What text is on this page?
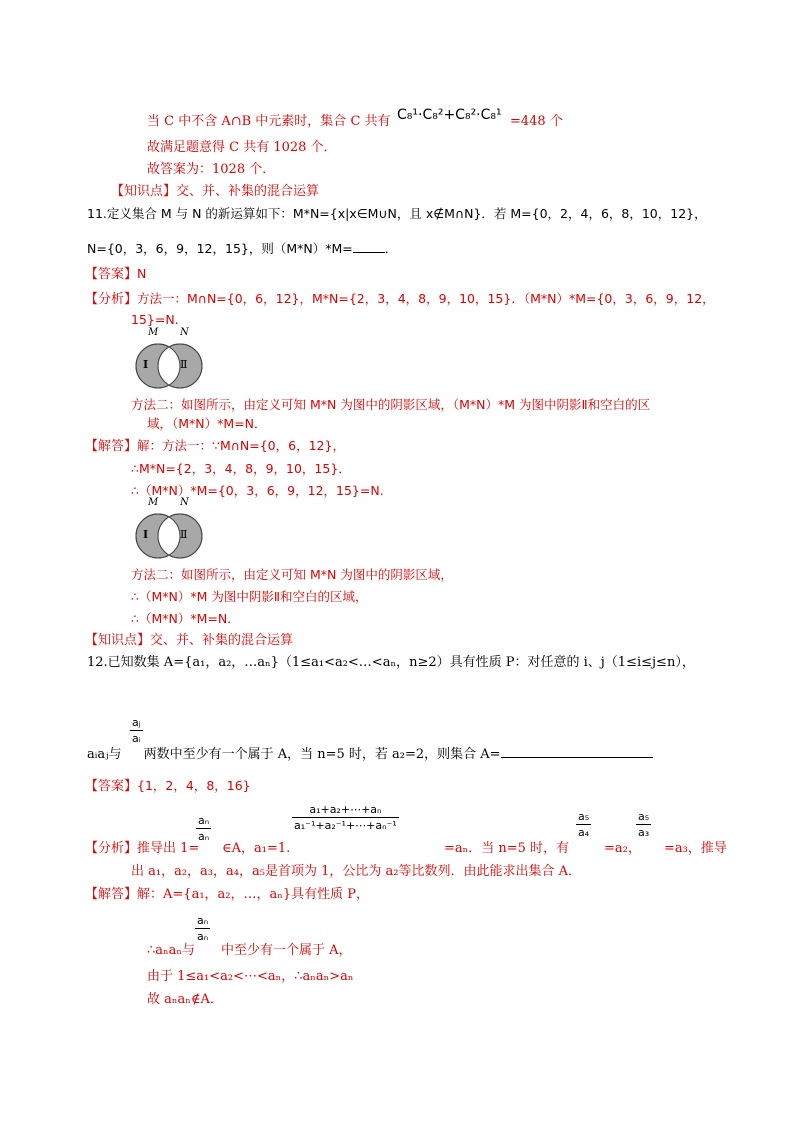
当 C 中不含 A∩B 中元素时，集合 C 共有 C₈¹·C₈²+C₈²·C₈¹ =448 个
故满足题意得 C 共有 1028 个．
故答案为：1028 个．
【知识点】交、并、补集的混合运算
11.定义集合 M 与 N 的新运算如下：M*N={x|x∈M∪N，且 x∉M∩N}．若 M={0，2，4，6，8，10，12}，
N={0，3，6，9，12，15}，则（M*N）*M=	．
【答案】N
【分析】方法一：M∩N={0，6，12}，M*N={2，3，4，8，9，10，15}．（M*N）*M={0，3，6，9，12，
15}=N.
M N
Ⅰ	Ⅱ
方法二：如图所示，由定义可知 M*N 为图中的阴影区域，（M*N）*M 为图中阴影Ⅱ和空白的区
域，（M*N）*M=N．
【解答】解：方法一：∵M∩N={0，6，12}，
∴M*N={2，3，4，8，9，10，15}．
∴（M*N）*M={0，3，6，9，12，15}=N.
M N
Ⅰ	Ⅱ
方法二：如图所示，由定义可知 M*N 为图中的阴影区域，
∴（M*N）*M 为图中阴影Ⅱ和空白的区域，
∴（M*N）*M=N．
【知识点】交、并、补集的混合运算
12.已知数集 A={a₁，a₂，…aₙ}（1≤a₁<a₂<…<aₙ，n≥2）具有性质 P：对任意的 i、j（1≤i≤j≤n），
aⱼ
aᵢ
aᵢaⱼ与 两数中至少有一个属于 A，当 n=5 时，若 a₂=2，则集合 A=
【答案】{1，2，4，8，16}
aₙ
aₙ
a₁+a₂+⋯+aₙ
a₁⁻¹+a₂⁻¹+⋯+aₙ⁻¹
a₅
a₄
a₅
a₃
【分析】推导出 1= ∈A，a₁=1.	=aₙ．当 n=5 时，有	=a₂， =a₃，推导
出 a₁，a₂，a₃，a₄，a₅是首项为 1，公比为 a₂等比数列．由此能求出集合 A．
【解答】解：A={a₁，a₂，…，aₙ}具有性质 P，
aₙ
aₙ
∴aₙaₙ与 中至少有一个属于 A，
由于 1≤a₁<a₂<⋯<aₙ，∴aₙaₙ>aₙ
故 aₙaₙ∉A．
